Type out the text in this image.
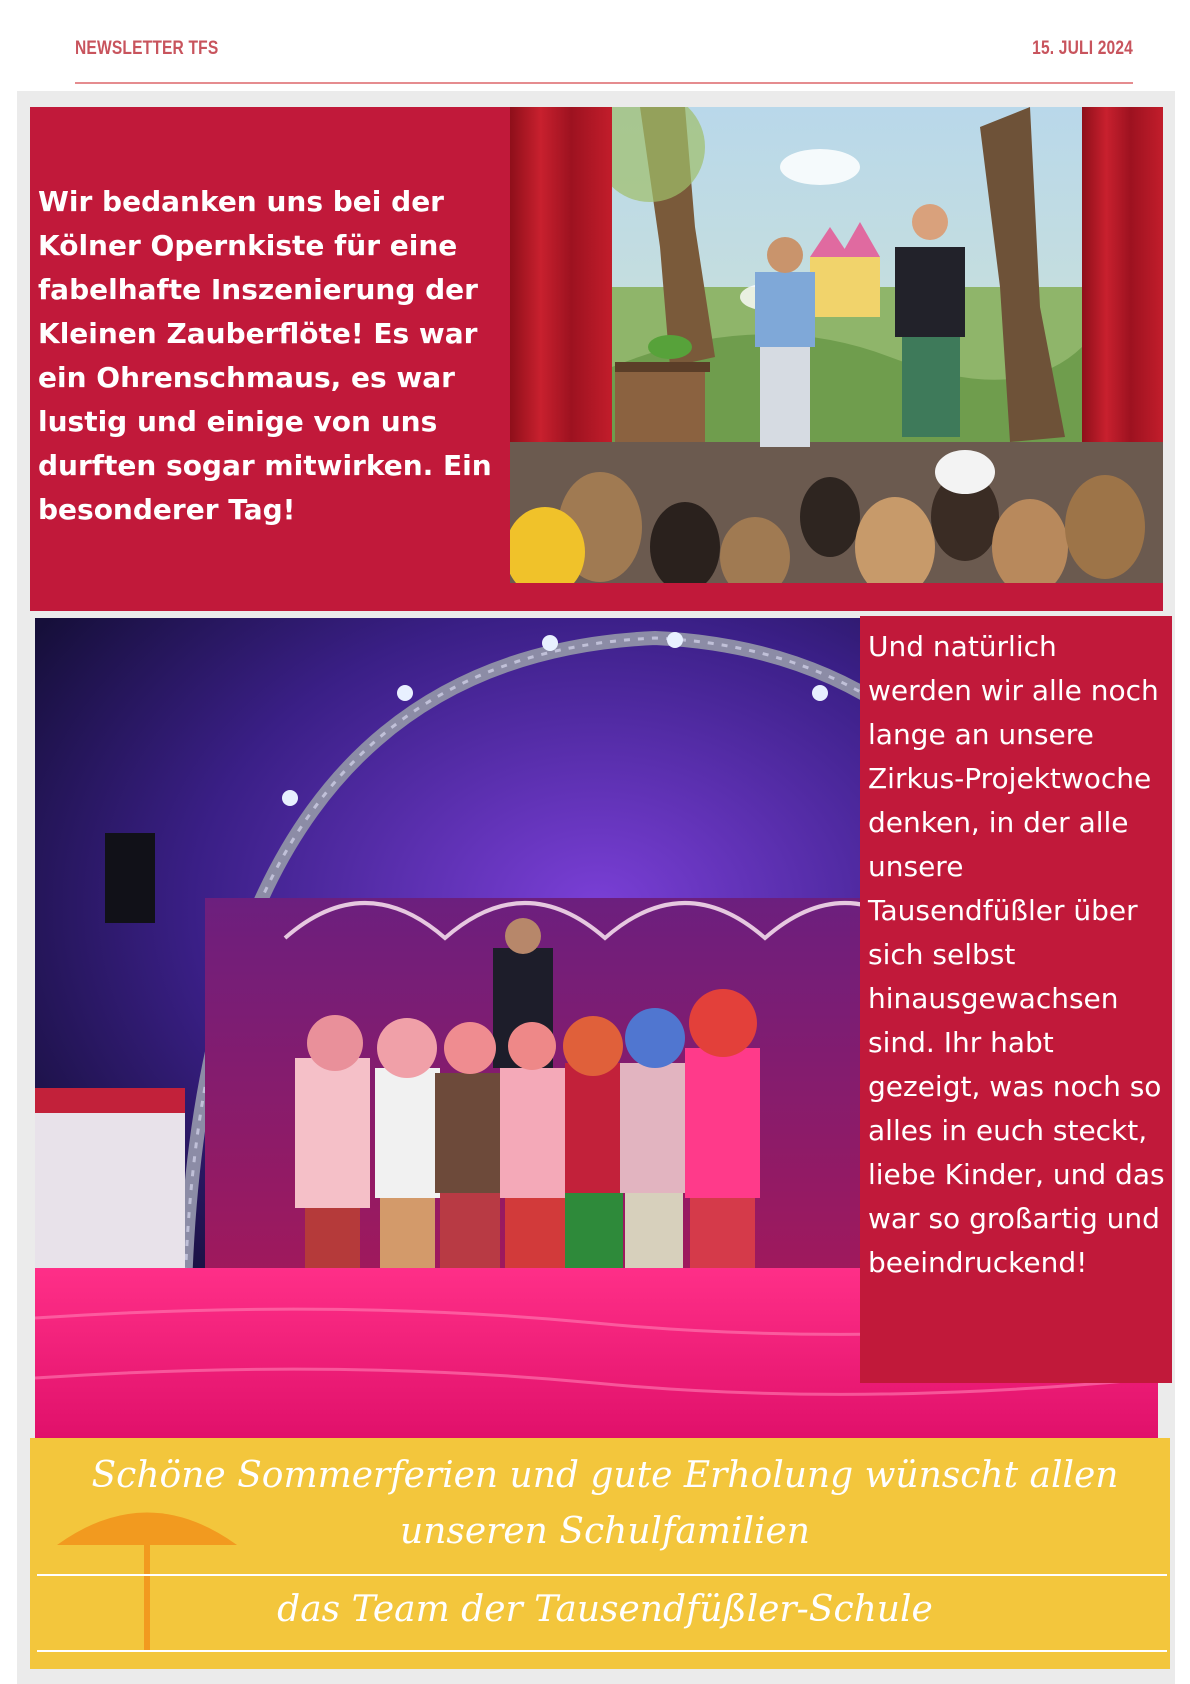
NEWSLETTER TFS	15. JULI 2024

Wir bedanken uns bei der Kölner Opernkiste für eine fabelhafte Inszenierung der Kleinen Zauberflöte! Es war ein Ohrenschmaus, es war lustig und einige von uns durften sogar mitwirken. Ein besonderer Tag!

Und natürlich werden wir alle noch lange an unsere Zirkus-Projektwoche denken, in der alle unsere Tausendfüßler über sich selbst hinausgewachsen sind. Ihr habt gezeigt, was noch so alles in euch steckt, liebe Kinder, und das war so großartig und beeindruckend!

Schöne Sommerferien und gute Erholung wünscht allen unseren Schulfamilien

das Team der Tausendfüßler-Schule
